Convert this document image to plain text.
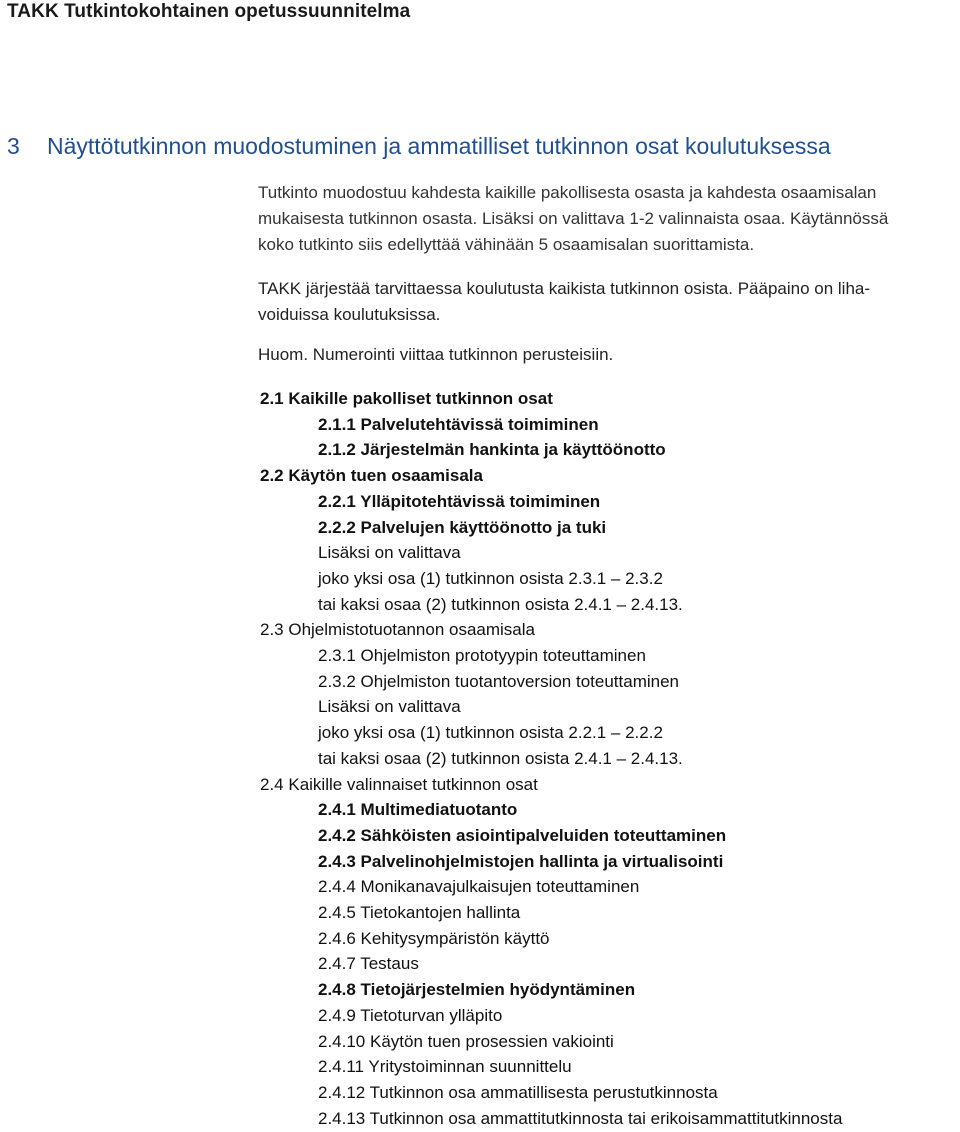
TAKK Tutkintokohtainen opetussuunnitelma
3 Näyttötutkinnon muodostuminen ja ammatilliset tutkinnon osat koulutuksessa
Tutkinto muodostuu kahdesta kaikille pakollisesta osasta ja kahdesta osaamisalan
mukaisesta tutkinnon osasta. Lisäksi on valittava 1-2 valinnaista osaa. Käytännössä
koko tutkinto siis edellyttää vähinään 5 osaamisalan suorittamista.
TAKK järjestää tarvittaessa koulutusta kaikista tutkinnon osista. Pääpaino on liha-
voiduissa koulutuksissa.
Huom. Numerointi viittaa tutkinnon perusteisiin.
2.1 Kaikille pakolliset tutkinnon osat
2.1.1 Palvelutehtävissä toimiminen
2.1.2 Järjestelmän hankinta ja käyttöönotto
2.2 Käytön tuen osaamisala
2.2.1 Ylläpitotehtävissä toimiminen
2.2.2 Palvelujen käyttöönotto ja tuki
Lisäksi on valittava
joko yksi osa (1) tutkinnon osista 2.3.1 – 2.3.2
tai kaksi osaa (2) tutkinnon osista 2.4.1 – 2.4.13.
2.3 Ohjelmistotuotannon osaamisala
2.3.1 Ohjelmiston prototyypin toteuttaminen
2.3.2 Ohjelmiston tuotantoversion toteuttaminen
Lisäksi on valittava
joko yksi osa (1) tutkinnon osista 2.2.1 – 2.2.2
tai kaksi osaa (2) tutkinnon osista 2.4.1 – 2.4.13.
2.4 Kaikille valinnaiset tutkinnon osat
2.4.1 Multimediatuotanto
2.4.2 Sähköisten asiointipalveluiden toteuttaminen
2.4.3 Palvelinohjelmistojen hallinta ja virtualisointi
2.4.4 Monikanavajulkaisujen toteuttaminen
2.4.5 Tietokantojen hallinta
2.4.6 Kehitysympäristön käyttö
2.4.7 Testaus
2.4.8 Tietojärjestelmien hyödyntäminen
2.4.9 Tietoturvan ylläpito
2.4.10 Käytön tuen prosessien vakiointi
2.4.11 Yritystoiminnan suunnittelu
2.4.12 Tutkinnon osa ammatillisesta perustutkinnosta
2.4.13 Tutkinnon osa ammattitutkinnosta tai erikoisammattitutkinnosta
